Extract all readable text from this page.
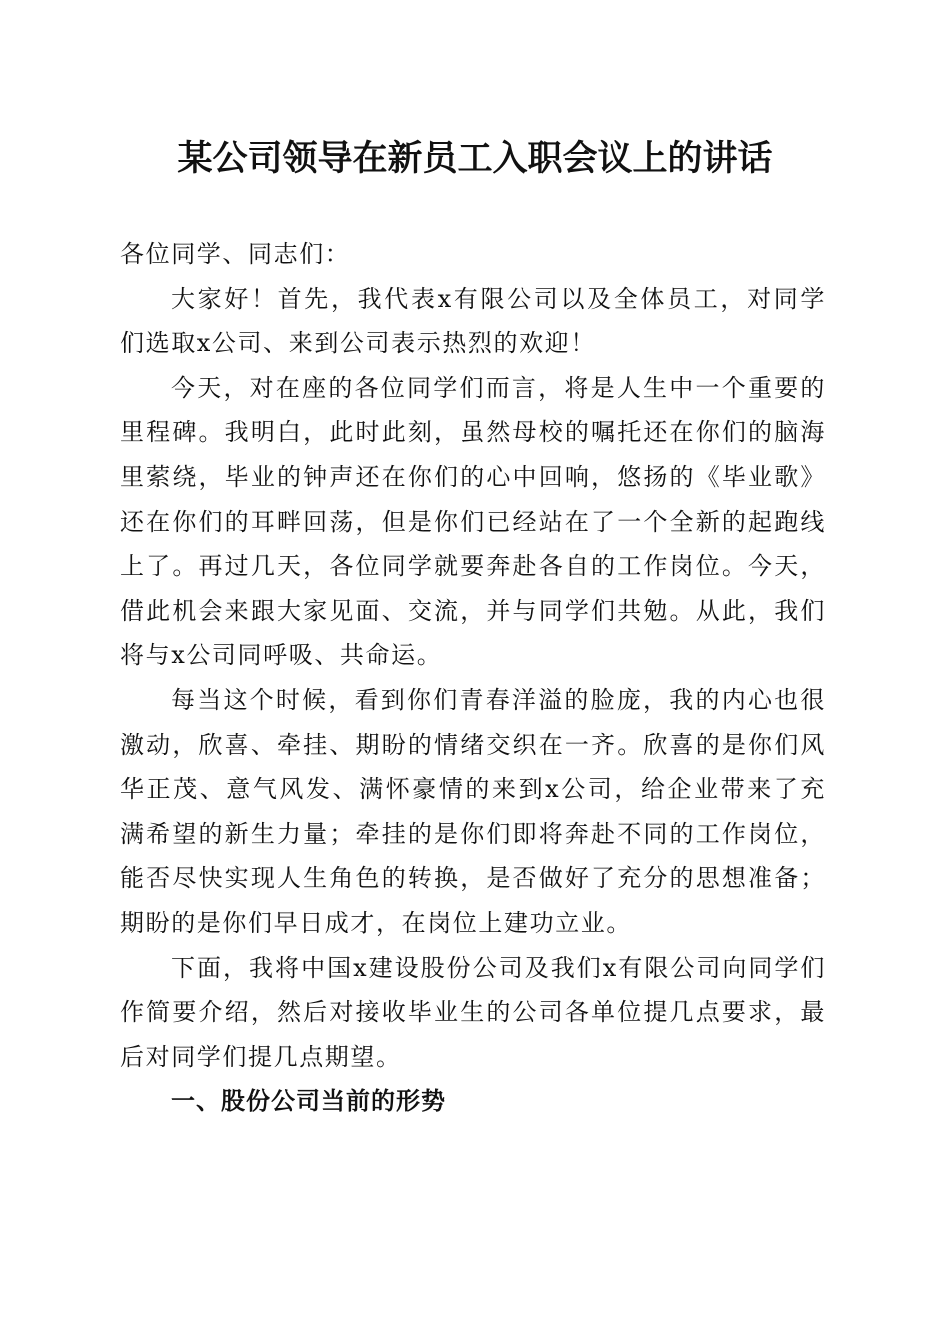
某公司领导在新员工入职会议上的讲话

各位同学、同志们：

大家好！首先，我代表x有限公司以及全体员工，对同学们选取x公司、来到公司表示热烈的欢迎！

今天，对在座的各位同学们而言，将是人生中一个重要的里程碑。我明白，此时此刻，虽然母校的嘱托还在你们的脑海里萦绕，毕业的钟声还在你们的心中回响，悠扬的《毕业歌》还在你们的耳畔回荡，但是你们已经站在了一个全新的起跑线上了。再过几天，各位同学就要奔赴各自的工作岗位。今天，借此机会来跟大家见面、交流，并与同学们共勉。从此，我们将与x公司同呼吸、共命运。

每当这个时候，看到你们青春洋溢的脸庞，我的内心也很激动，欣喜、牵挂、期盼的情绪交织在一齐。欣喜的是你们风华正茂、意气风发、满怀豪情的来到x公司，给企业带来了充满希望的新生力量；牵挂的是你们即将奔赴不同的工作岗位，能否尽快实现人生角色的转换，是否做好了充分的思想准备；期盼的是你们早日成才，在岗位上建功立业。

下面，我将中国x建设股份公司及我们x有限公司向同学们作简要介绍，然后对接收毕业生的公司各单位提几点要求，最后对同学们提几点期望。

一、股份公司当前的形势
